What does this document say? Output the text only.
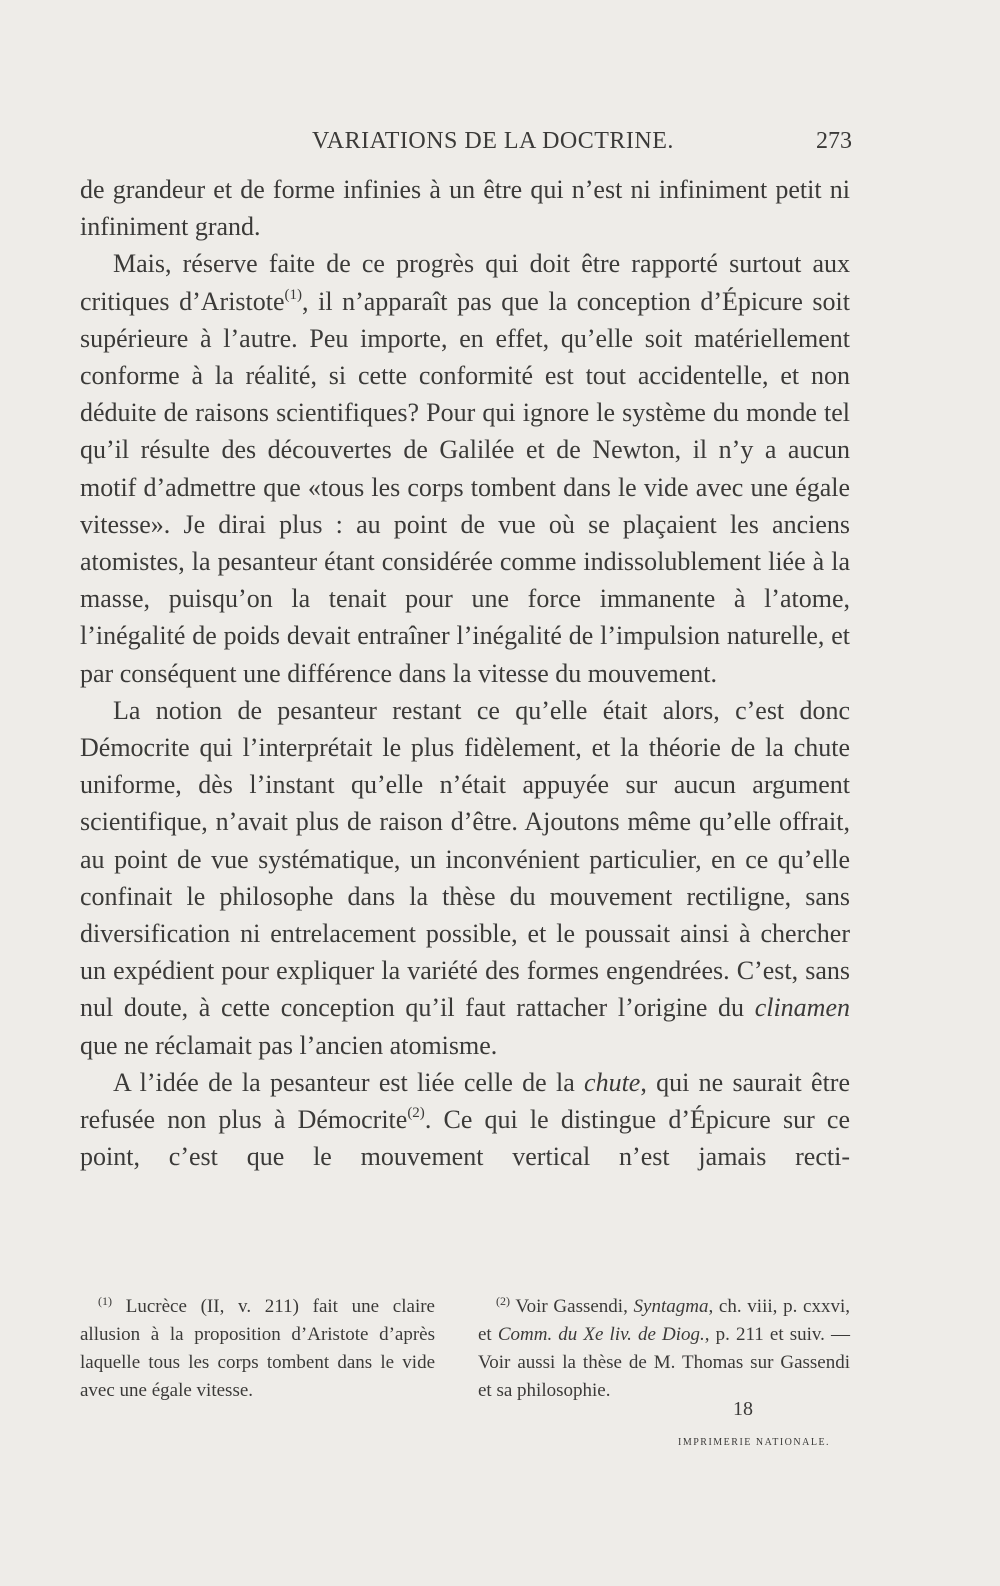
VARIATIONS DE LA DOCTRINE.	273

de grandeur et de forme infinies à un être qui n’est ni infiniment petit ni infiniment grand.

Mais, réserve faite de ce progrès qui doit être rapporté surtout aux critiques d’Aristote$^{(1)}$, il n’apparaît pas que la conception d’Épicure soit supérieure à l’autre. Peu importe, en effet, qu’elle soit matériellement conforme à la réalité, si cette conformité est tout accidentelle, et non déduite de raisons scientifiques? Pour qui ignore le système du monde tel qu’il résulte des découvertes de Galilée et de Newton, il n’y a aucun motif d’admettre que «tous les corps tombent dans le vide avec une égale vitesse». Je dirai plus : au point de vue où se plaçaient les anciens atomistes, la pesanteur étant considérée comme indissolublement liée à la masse, puisqu’on la tenait pour une force immanente à l’atome, l’inégalité de poids devait entraîner l’inégalité de l’impulsion naturelle, et par conséquent une différence dans la vitesse du mouvement.

La notion de pesanteur restant ce qu’elle était alors, c’est donc Démocrite qui l’interprétait le plus fidèlement, et la théorie de la chute uniforme, dès l’instant qu’elle n’était appuyée sur aucun argument scientifique, n’avait plus de raison d’être. Ajoutons même qu’elle offrait, au point de vue systématique, un inconvénient particulier, en ce qu’elle confinait le philosophe dans la thèse du mouvement rectiligne, sans diversification ni entrelacement possible, et le poussait ainsi à chercher un expédient pour expliquer la variété des formes engendrées. C’est, sans nul doute, à cette conception qu’il faut rattacher l’origine du clinamen que ne réclamait pas l’ancien atomisme.

A l’idée de la pesanteur est liée celle de la chute, qui ne saurait être refusée non plus à Démocrite$^{(2)}$. Ce qui le distingue d’Épicure sur ce point, c’est que le mouvement vertical n’est jamais recti-

$^{(1)}$ Lucrèce (II, v. 211) fait une claire allusion à la proposition d’Aristote d’après laquelle tous les corps tombent dans le vide avec une égale vitesse.

$^{(2)}$ Voir Gassendi, Syntagma, ch. viii, p. cxxvi, et Comm. du Xe liv. de Diog., p. 211 et suiv. — Voir aussi la thèse de M. Thomas sur Gassendi et sa philosophie.

18
IMPRIMERIE NATIONALE.
